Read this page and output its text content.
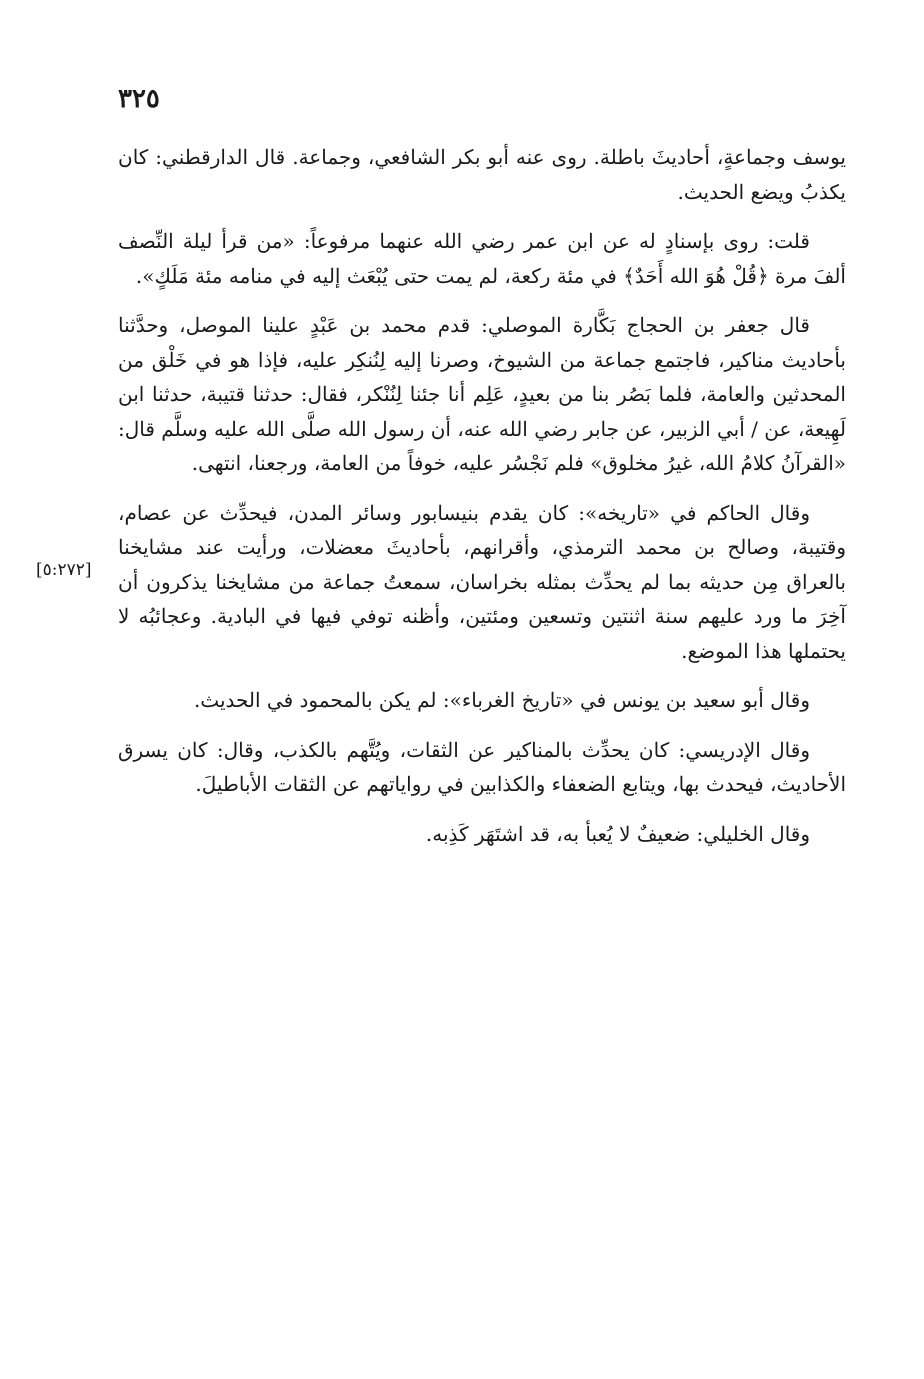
٣٢٥
[٥:٢٧٢]

يوسف وجماعةٍ، أحاديثَ باطلة. روى عنه أبو بكر الشافعي، وجماعة. قال الدارقطني: كان يكذبُ ويضع الحديث.

قلت: روى بإسنادٍ له عن ابن عمر رضي الله عنهما مرفوعاً: «من قرأ ليلة النِّصف ألفَ مرة ﴿قُلْ هُوَ الله أَحَدٌ﴾ في مئة ركعة، لم يمت حتى يُبْعَث إليه في منامه مئة مَلَكٍ».

قال جعفر بن الحجاج بَكَّارة الموصلي: قدم محمد بن عَبْدٍ علينا الموصل، وحدَّثنا بأحاديث مناكير، فاجتمع جماعة من الشيوخ، وصرنا إليه لِنُنكِر عليه، فإذا هو في خَلْق من المحدثين والعامة، فلما بَصُر بنا من بعيدٍ، عَلِم أنا جئنا لِنُنْكر، فقال: حدثنا قتيبة، حدثنا ابن لَهِيعة، عن / أبي الزبير، عن جابر رضي الله عنه، أن رسول الله صلَّى الله عليه وسلَّم قال: «القرآنُ كلامُ الله، غيرُ مخلوق» فلم نَجْسُر عليه، خوفاً من العامة، ورجعنا، انتهى.

وقال الحاكم في «تاريخه»: كان يقدم بنيسابور وسائر المدن، فيحدِّث عن عصام، وقتيبة، وصالح بن محمد الترمذي، وأقرانهم، بأحاديثَ معضلات، ورأيت عند مشايخنا بالعراق مِن حديثه بما لم يحدِّث بمثله بخراسان، سمعتُ جماعة من مشايخنا يذكرون أن آخِرَ ما ورد عليهم سنة اثنتين وتسعين ومئتين، وأظنه توفي فيها في البادية. وعجائبُه لا يحتملها هذا الموضع.

وقال أبو سعيد بن يونس في «تاريخ الغرباء»: لم يكن بالمحمود في الحديث.

وقال الإدريسي: كان يحدِّث بالمناكير عن الثقات، ويُتَّهم بالكذب، وقال: كان يسرق الأحاديث، فيحدث بها، ويتابع الضعفاء والكذابين في رواياتهم عن الثقات الأباطيلَ.

وقال الخليلي: ضعيفٌ لا يُعبأ به، قد اشتَهَر كَذِبه.
